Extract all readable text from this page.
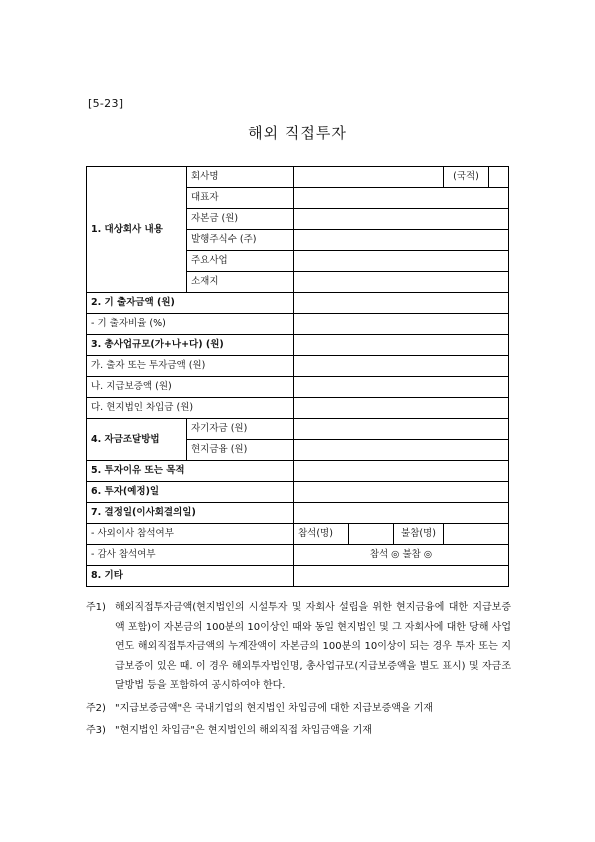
[5-23]
해외 직접투자
1. 대상회사 내용	회사명				(국적)	
	대표자					
	자본금 (원)					
	발행주식수 (주)					
	주요사업					
	소재지					
2. 기 출자금액 (원)						
- 기 출자비율 (%)						
3. 총사업규모(가+나+다) (원)						
가. 출자 또는 투자금액 (원)						
나. 지급보증액 (원)						
다. 현지법인 차입금 (원)						
4. 자금조달방법	자기자금 (원)					
	현지금융 (원)					
5. 투자이유 또는 목적						
6. 투자(예정)일						
7. 결정일(이사회결의일)						
- 사외이사 참석여부		참석(명)		불참(명)		
- 감사 참석여부		참석 ◎ 불참 ◎				
8. 기타						
주1) 해외직접투자금액(현지법인의 시설투자 및 자회사 설립을 위한 현지금융에 대한 지급보증액 포함)이 자본금의 100분의 10이상인 때와 동일 현지법인 및 그 자회사에 대한 당해 사업연도 해외직접투자금액의 누계잔액이 자본금의 100분의 10이상이 되는 경우 투자 또는 지급보증이 있은 때. 이 경우 해외투자법인명, 총사업규모(지급보증액을 별도 표시) 및 자금조달방법 등을 포함하여 공시하여야 한다.
주2) "지급보증금액"은 국내기업의 현지법인 차입금에 대한 지급보증액을 기재
주3) "현지법인 차입금"은 현지법인의 해외직접 차입금액을 기재
